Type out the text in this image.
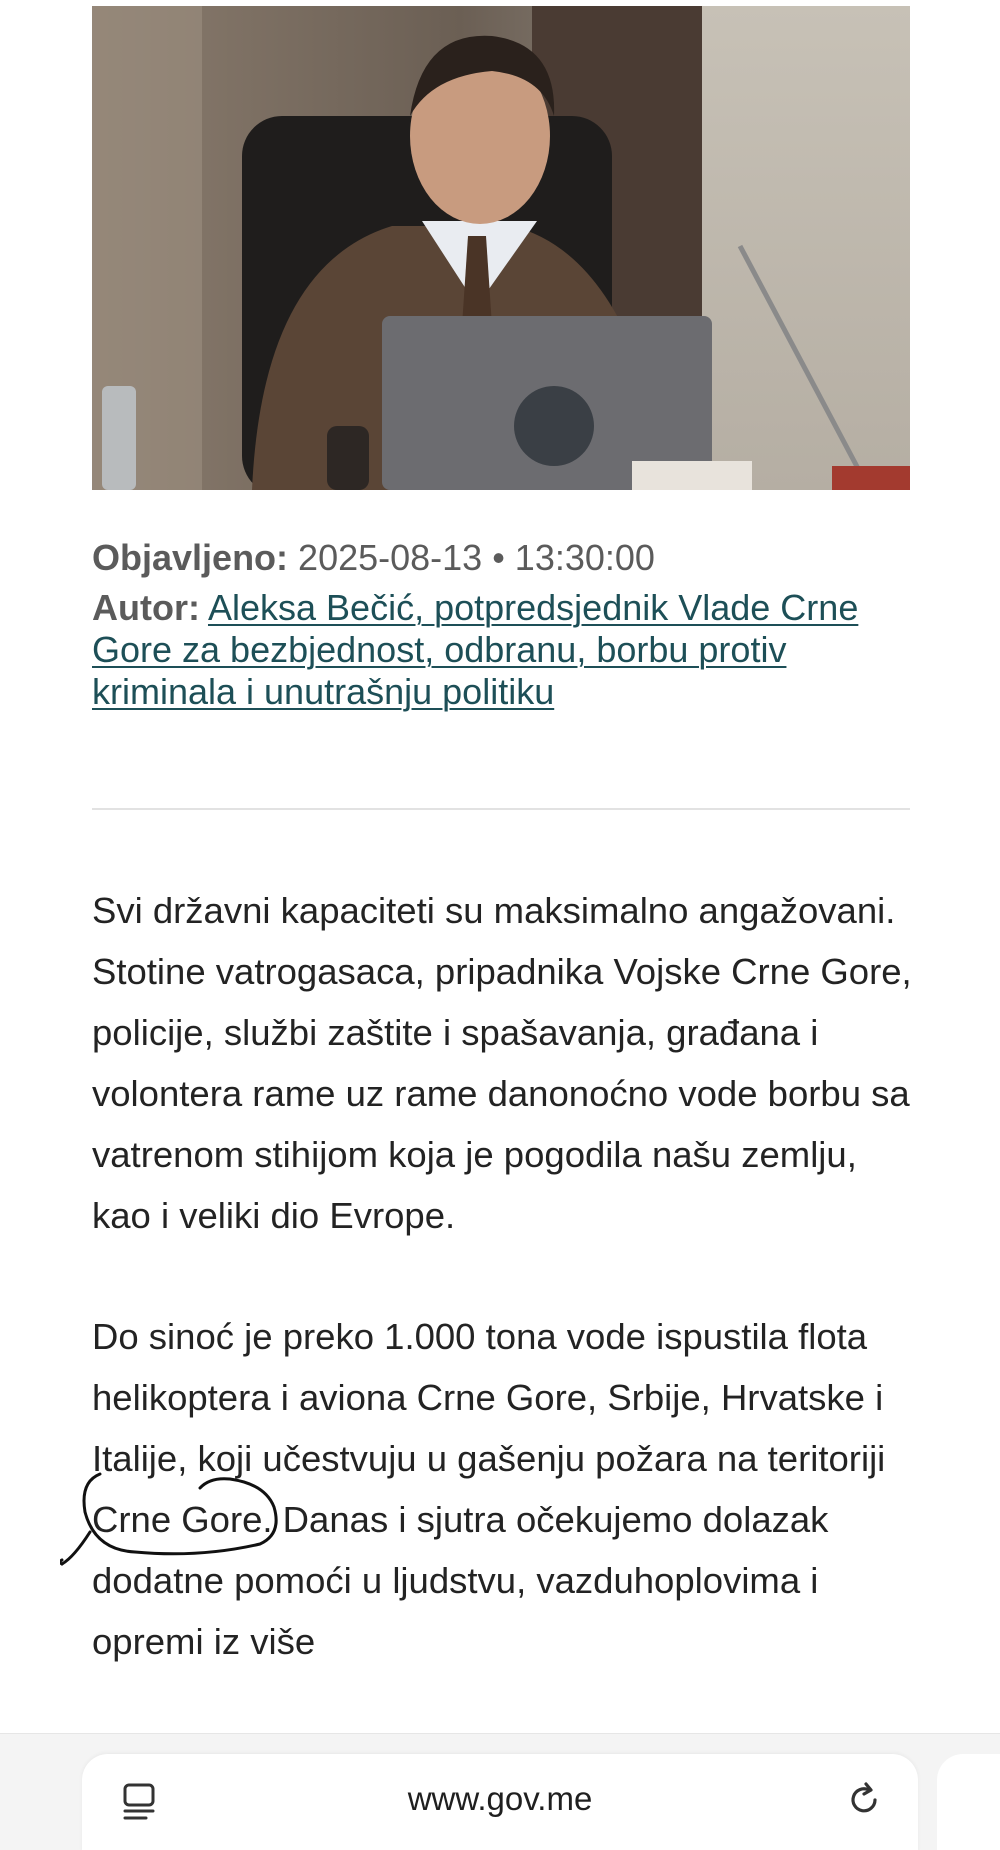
Objavljeno: 2025-08-13 • 13:30:00
Autor: Aleksa Bečić, potpredsjednik Vlade Crne Gore za bezbjednost, odbranu, borbu protiv kriminala i unutrašnju politiku

Svi državni kapaciteti su maksimalno angažovani. Stotine vatrogasaca, pripadnika Vojske Crne Gore, policije, službi zaštite i spašavanja, građana i volontera rame uz rame danonoćno vode borbu sa vatrenom stihijom koja je pogodila našu zemlju, kao i veliki dio Evrope.

Do sinoć je preko 1.000 tona vode ispustila flota helikoptera i aviona Crne Gore, Srbije, Hrvatske i Italije, koji učestvuju u gašenju požara na teritoriji Crne Gore. Danas i sjutra očekujemo dolazak dodatne pomoći u ljudstvu, vazduhoplovima i opremi iz više

www.gov.me
